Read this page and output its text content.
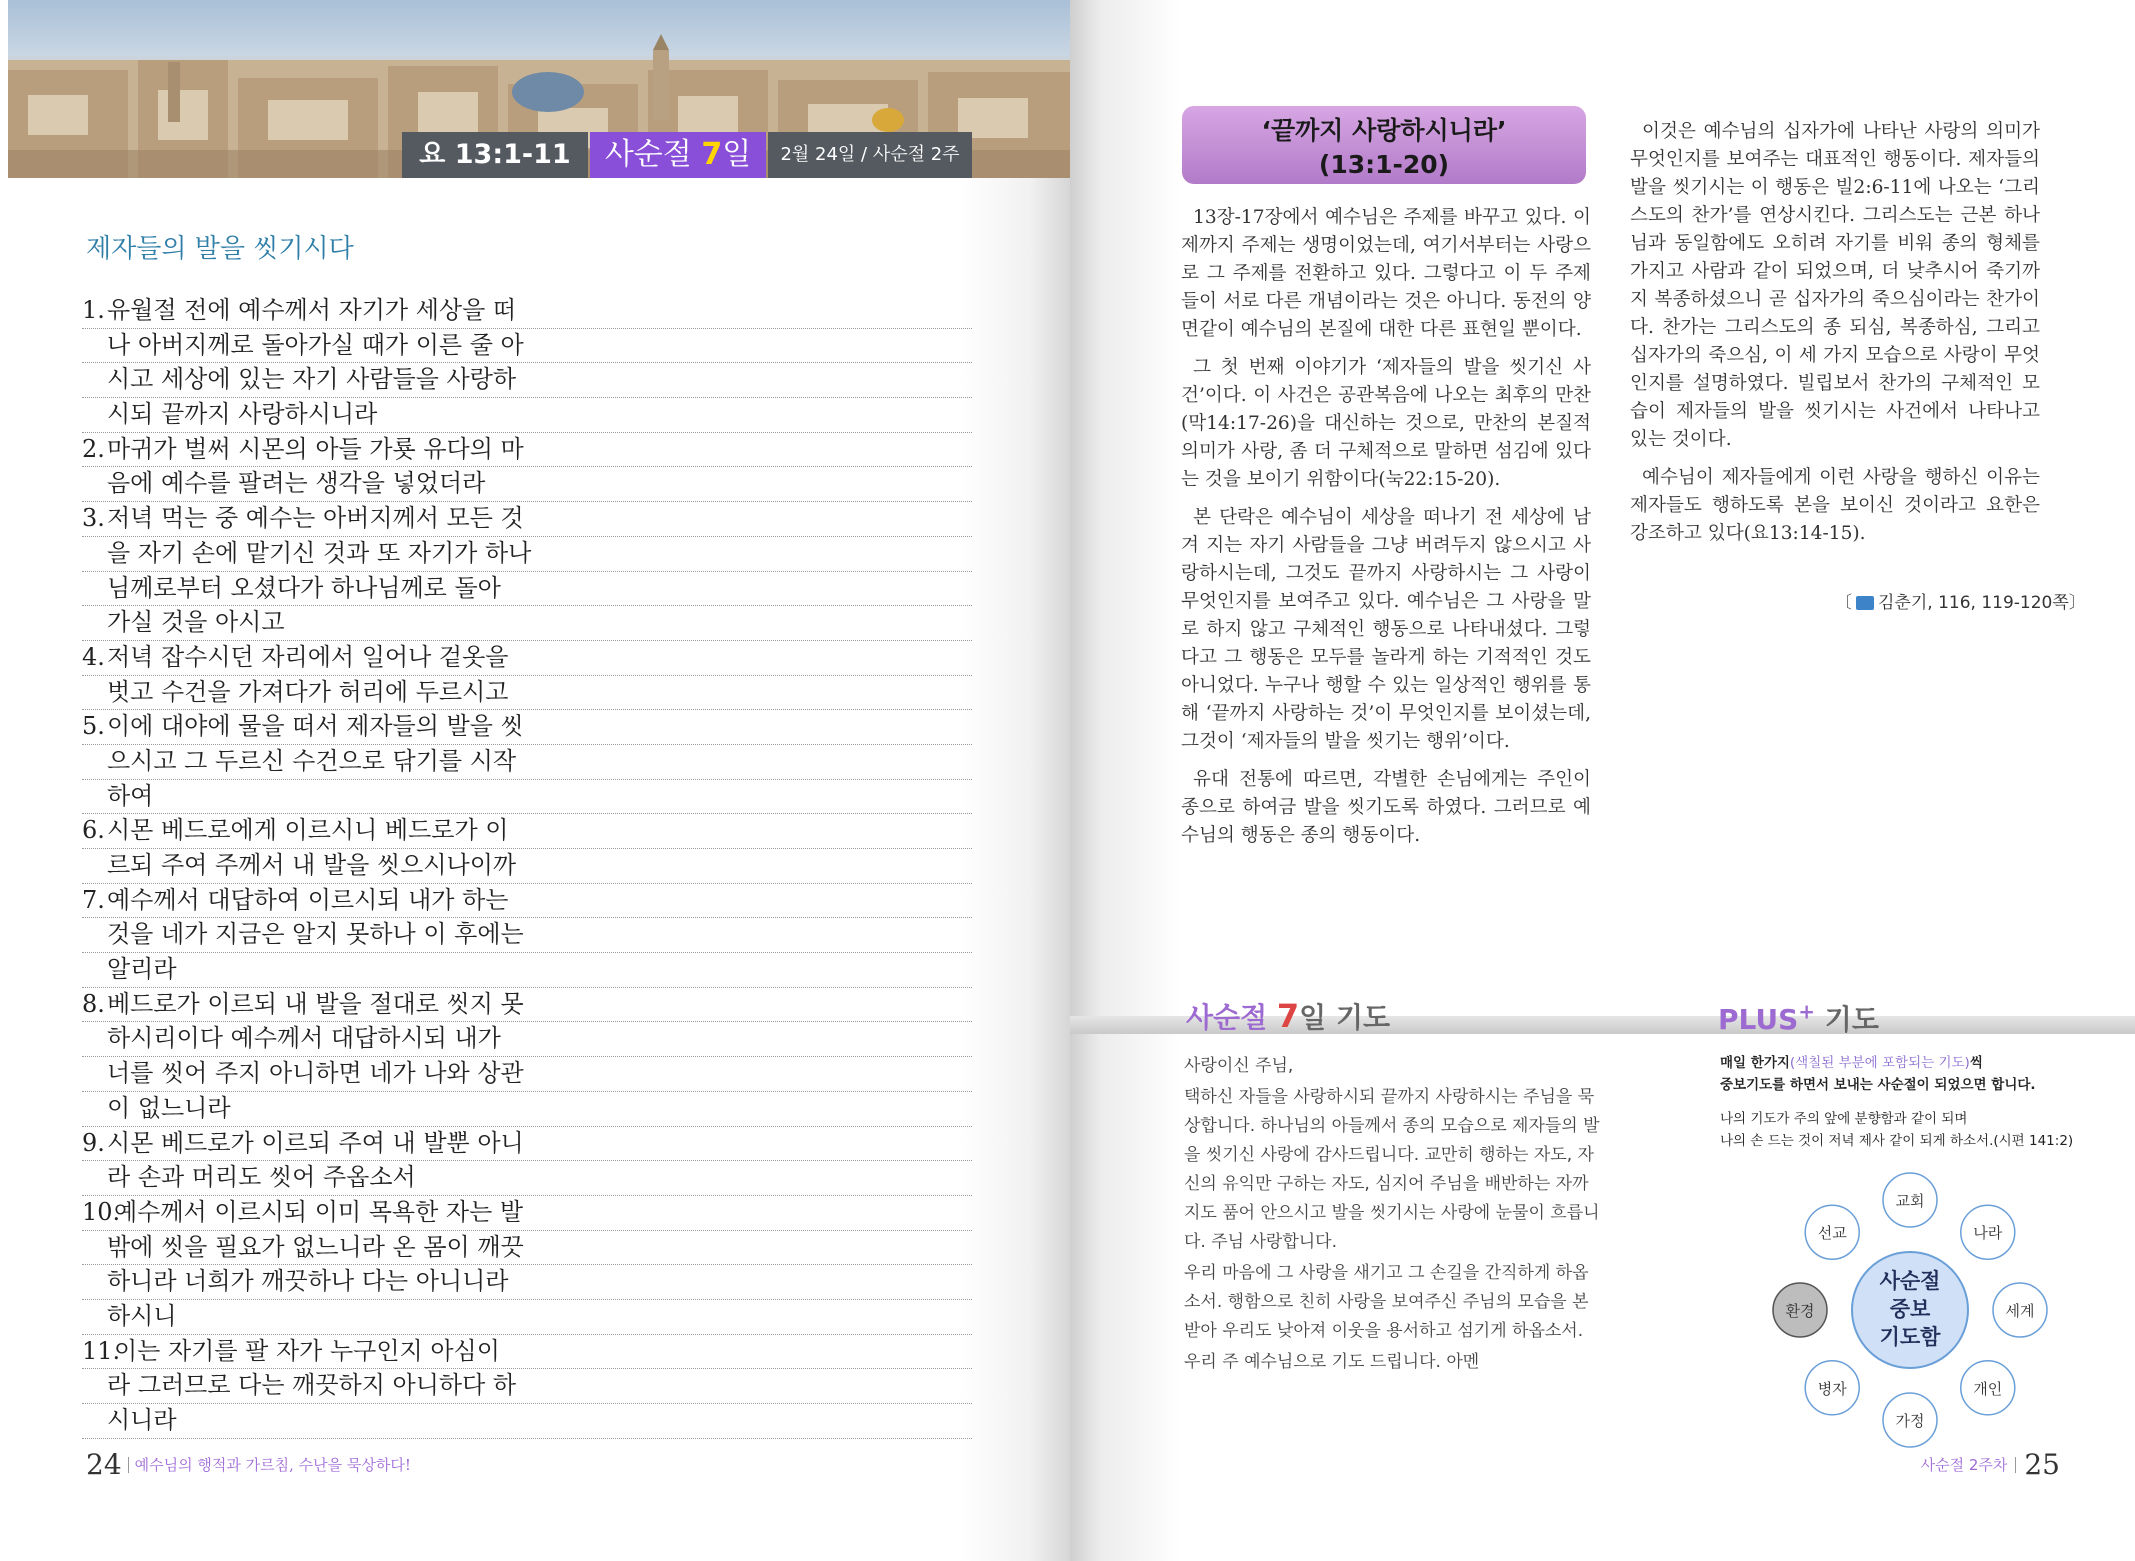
요 13:1-11	사순절 7일	2월 24일 / 사순절 2주
제자들의 발을 씻기시다
1. 유월절 전에 예수께서 자기가 세상을 떠
나 아버지께로 돌아가실 때가 이른 줄 아
시고 세상에 있는 자기 사람들을 사랑하
시되 끝까지 사랑하시니라
2. 마귀가 벌써 시몬의 아들 가룟 유다의 마
음에 예수를 팔려는 생각을 넣었더라
3. 저녁 먹는 중 예수는 아버지께서 모든 것
을 자기 손에 맡기신 것과 또 자기가 하나
님께로부터 오셨다가 하나님께로 돌아
가실 것을 아시고
4. 저녁 잡수시던 자리에서 일어나 겉옷을
벗고 수건을 가져다가 허리에 두르시고
5. 이에 대야에 물을 떠서 제자들의 발을 씻
으시고 그 두르신 수건으로 닦기를 시작
하여
6. 시몬 베드로에게 이르시니 베드로가 이
르되 주여 주께서 내 발을 씻으시나이까
7. 예수께서 대답하여 이르시되 내가 하는
것을 네가 지금은 알지 못하나 이 후에는
알리라
8. 베드로가 이르되 내 발을 절대로 씻지 못
하시리이다 예수께서 대답하시되 내가
너를 씻어 주지 아니하면 네가 나와 상관
이 없느니라
9. 시몬 베드로가 이르되 주여 내 발뿐 아니
라 손과 머리도 씻어 주옵소서
10.
예수께서 이르시되 이미 목욕한 자는 발
밖에 씻을 필요가 없느니라 온 몸이 깨끗
하니라 너희가 깨끗하나 다는 아니니라
하시니
11.
이는 자기를 팔 자가 누구인지 아심이
라 그러므로 다는 깨끗하지 아니하다 하
시니라
24 예수님의 행적과 가르침, 수난을 묵상하다!
‘끝까지 사랑하시니라’
(13:1-20)

13장-17장에서 예수님은 주제를 바꾸고 있다. 이제까지 주제는 생명이었는데, 여기서부터는 사랑으로 그 주제를 전환하고 있다. 그렇다고 이 두 주제들이 서로 다른 개념이라는 것은 아니다. 동전의 양면같이 예수님의 본질에 대한 다른 표현일 뿐이다.

그 첫 번째 이야기가 ‘제자들의 발을 씻기신 사건’이다. 이 사건은 공관복음에 나오는 최후의 만찬(막14:17-26)을 대신하는 것으로, 만찬의 본질적 의미가 사랑, 좀 더 구체적으로 말하면 섬김에 있다는 것을 보이기 위함이다(눅22:15-20).

본 단락은 예수님이 세상을 떠나기 전 세상에 남겨 지는 자기 사람들을 그냥 버려두지 않으시고 사랑하시는데, 그것도 끝까지 사랑하시는 그 사랑이 무엇인지를 보여주고 있다. 예수님은 그 사랑을 말로 하지 않고 구체적인 행동으로 나타내셨다. 그렇다고 그 행동은 모두를 놀라게 하는 기적적인 것도 아니었다. 누구나 행할 수 있는 일상적인 행위를 통해 ‘끝까지 사랑하는 것’이 무엇인지를 보이셨는데, 그것이 ‘제자들의 발을 씻기는 행위’이다.

유대 전통에 따르면, 각별한 손님에게는 주인이 종으로 하여금 발을 씻기도록 하였다. 그러므로 예수님의 행동은 종의 행동이다.

이것은 예수님의 십자가에 나타난 사랑의 의미가 무엇인지를 보여주는 대표적인 행동이다. 제자들의 발을 씻기시는 이 행동은 빌2:6-11에 나오는 ‘그리스도의 찬가’를 연상시킨다. 그리스도는 근본 하나님과 동일함에도 오히려 자기를 비워 종의 형체를 가지고 사람과 같이 되었으며, 더 낮추시어 죽기까지 복종하셨으니 곧 십자가의 죽으심이라는 찬가이다. 찬가는 그리스도의 종 되심, 복종하심, 그리고 십자가의 죽으심, 이 세 가지 모습으로 사랑이 무엇인지를 설명하였다. 빌립보서 찬가의 구체적인 모습이 제자들의 발을 씻기시는 사건에서 나타나고 있는 것이다.

예수님이 제자들에게 이런 사랑을 행하신 이유는 제자들도 행하도록 본을 보이신 것이라고 요한은 강조하고 있다(요13:14-15).

〔 김춘기, 116, 119-120쪽〕
사순절 7일 기도	PLUS+ 기도

사랑이신 주님,

택하신 자들을 사랑하시되 끝까지 사랑하시는 주님을 묵상합니다. 하나님의 아들께서 종의 모습으로 제자들의 발을 씻기신 사랑에 감사드립니다. 교만히 행하는 자도, 자신의 유익만 구하는 자도, 심지어 주님을 배반하는 자까지도 품어 안으시고 발을 씻기시는 사랑에 눈물이 흐릅니다. 주님 사랑합니다.

우리 마음에 그 사랑을 새기고 그 손길을 간직하게 하옵소서. 행함으로 친히 사랑을 보여주신 주님의 모습을 본받아 우리도 낮아져 이웃을 용서하고 섬기게 하옵소서.

우리 주 예수님으로 기도 드립니다. 아멘

매일 한가지(색칠된 부분에 포함되는 기도)씩
중보기도를 하면서 보내는 사순절이 되었으면 합니다.

나의 기도가 주의 앞에 분향함과 같이 되며
나의 손 드는 것이 저녁 제사 같이 되게 하소서.(시편 141:2)

교회
나라
세계
개인
가정
병자
환경
선교
사순절
중보
기도함
사순절 2주차 25
